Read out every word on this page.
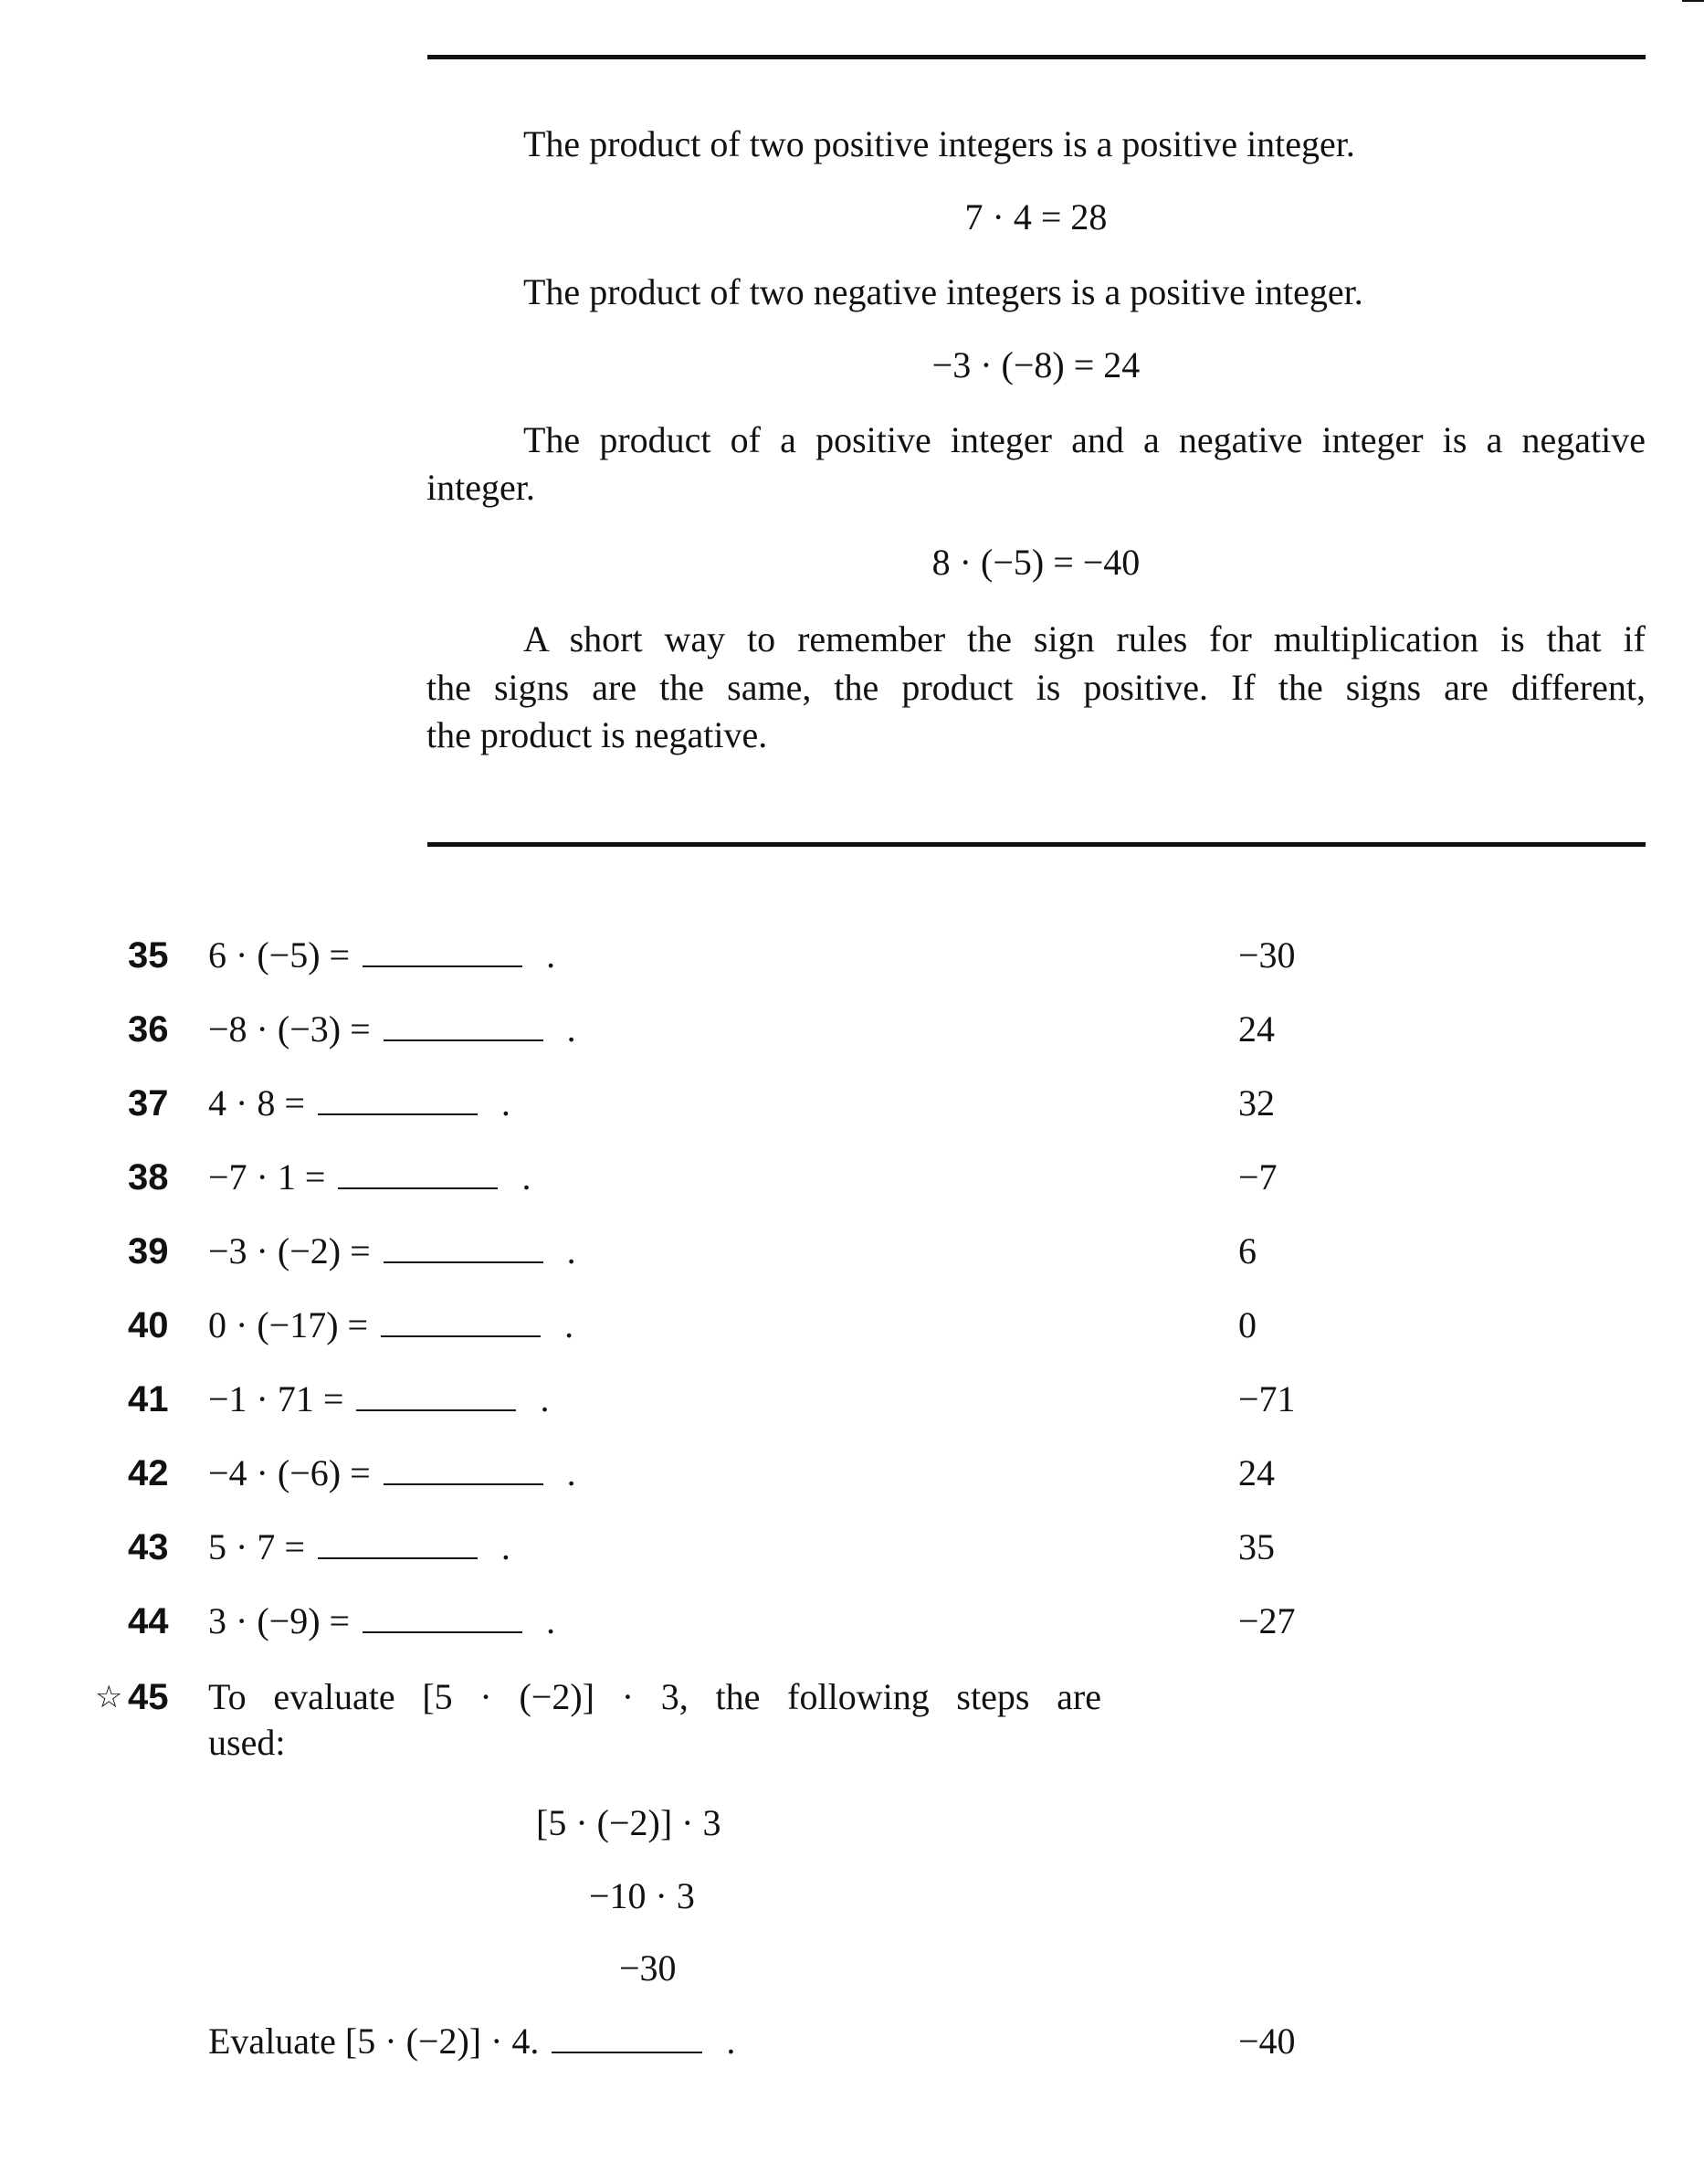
The product of two positive integers is a positive integer.
7 · 4 = 28
The product of two negative integers is a positive integer.
−3 · (−8) = 24
The product of a positive integer and a negative integer is a negative
integer.
8 · (−5) = −40
A short way to remember the sign rules for multiplication is that if
the signs are the same, the product is positive. If the signs are different,
the product is negative.
35 6 · (−5) =	.	−30
36 −8 · (−3) =	.	24
37 4 · 8 =	.	32
38 −7 · 1 =	.	−7
39 −3 · (−2) =	.	6
40 0 · (−17) =	.	0
41 −1 · 71 =	.	−71
42 −4 · (−6) =	.	24
43 5 · 7 =	.	35
44 3 · (−9) =	.	−27
☆ 45 To evaluate [5 · (−2)] · 3, the following steps are
used:
[5 · (−2)] · 3
−10 · 3
−30
Evaluate [5 · (−2)] · 4.	.	−40
